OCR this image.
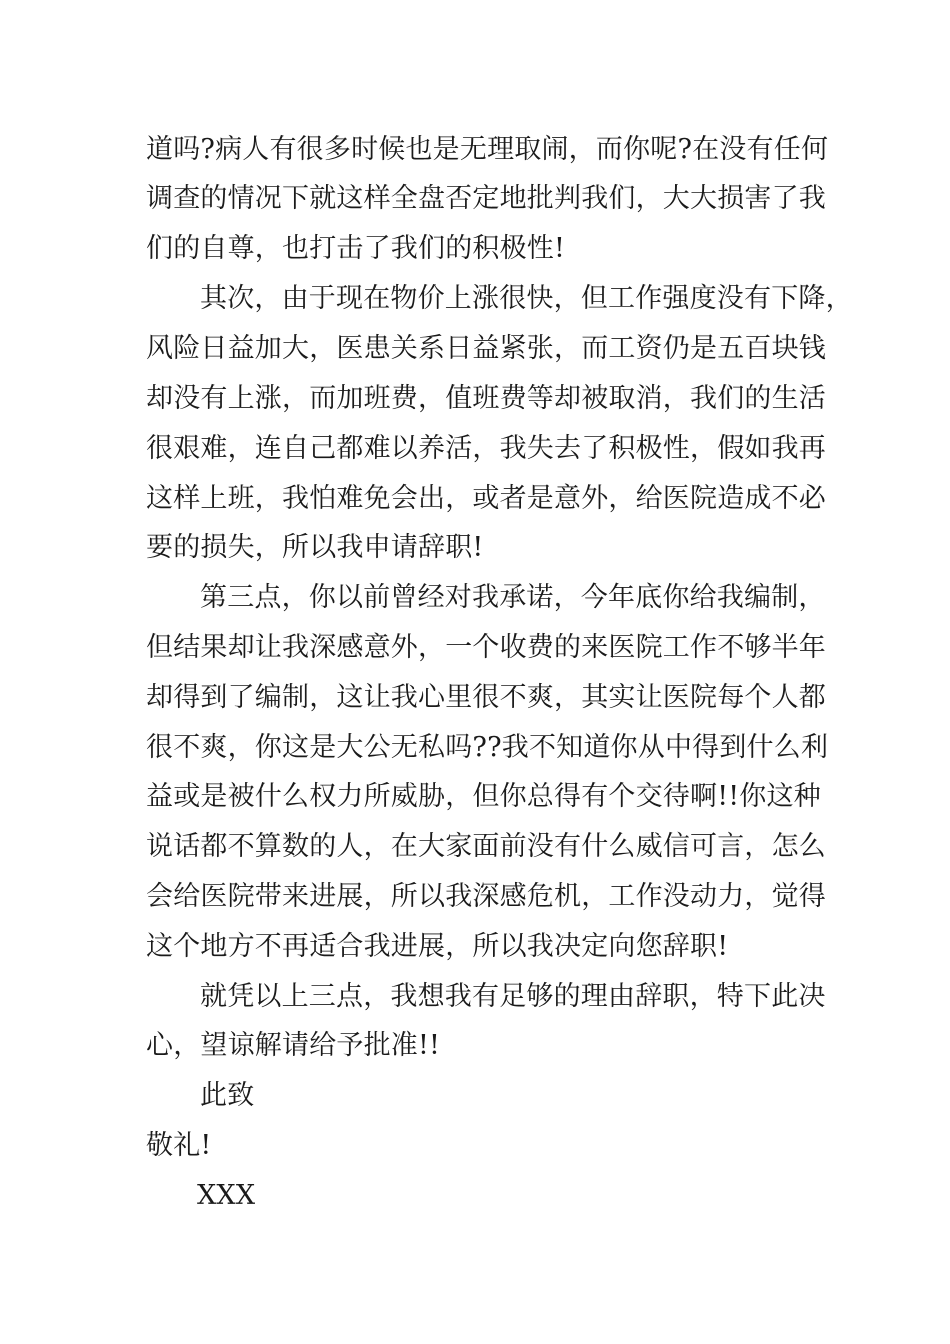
道吗?病人有很多时候也是无理取闹，而你呢?在没有任何
调查的情况下就这样全盘否定地批判我们，大大损害了我
们的自尊，也打击了我们的积极性!
其次，由于现在物价上涨很快，但工作强度没有下降，
风险日益加大，医患关系日益紧张，而工资仍是五百块钱
却没有上涨，而加班费，值班费等却被取消，我们的生活
很艰难，连自己都难以养活，我失去了积极性，假如我再
这样上班，我怕难免会出，或者是意外，给医院造成不必
要的损失，所以我申请辞职!
第三点，你以前曾经对我承诺，今年底你给我编制，
但结果却让我深感意外，一个收费的来医院工作不够半年
却得到了编制，这让我心里很不爽，其实让医院每个人都
很不爽，你这是大公无私吗??我不知道你从中得到什么利
益或是被什么权力所威胁，但你总得有个交待啊!!你这种
说话都不算数的人，在大家面前没有什么威信可言，怎么
会给医院带来进展，所以我深感危机，工作没动力，觉得
这个地方不再适合我进展，所以我决定向您辞职!
就凭以上三点，我想我有足够的理由辞职，特下此决
心，望谅解请给予批准!!
此致
敬礼!
XXX
